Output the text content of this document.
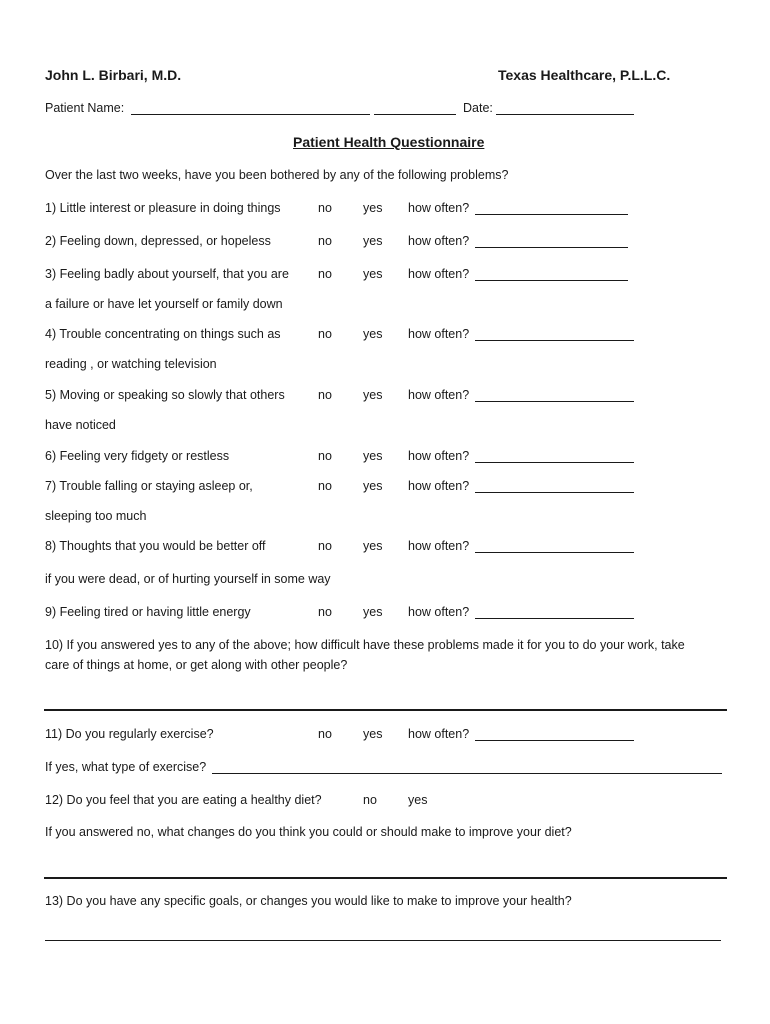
John L. Birbari, M.D.	Texas Healthcare, P.L.L.C.
Patient Name:	Date:
Patient Health Questionnaire
Over the last two weeks, have you been bothered by any of the following problems?
1) Little interest or pleasure in doing things	no yes how often?
2) Feeling down, depressed, or hopeless	no yes how often?
3) Feeling badly about yourself, that you are no yes how often?
a failure or have let yourself or family down
4) Trouble concentrating on things such as	no yes how often?
reading , or watching television
5) Moving or speaking so slowly that others	no yes how often?
have noticed
6) Feeling very fidgety or restless	no yes how often?
7) Trouble falling or staying asleep or,	no yes how often?
sleeping too much
8) Thoughts that you would be better off	no yes how often?
if you were dead, or of hurting yourself in some way
9) Feeling tired or having little energy	no yes how often?
10) If you answered yes to any of the above; how difficult have these problems made it for you to do your work, take
care of things at home, or get along with other people?
11) Do you regularly exercise?	no yes how often?
If yes, what type of exercise?
12) Do you feel that you are eating a healthy diet?	no yes
If you answered no, what changes do you think you could or should make to improve your diet?
13) Do you have any specific goals, or changes you would like to make to improve your health?
